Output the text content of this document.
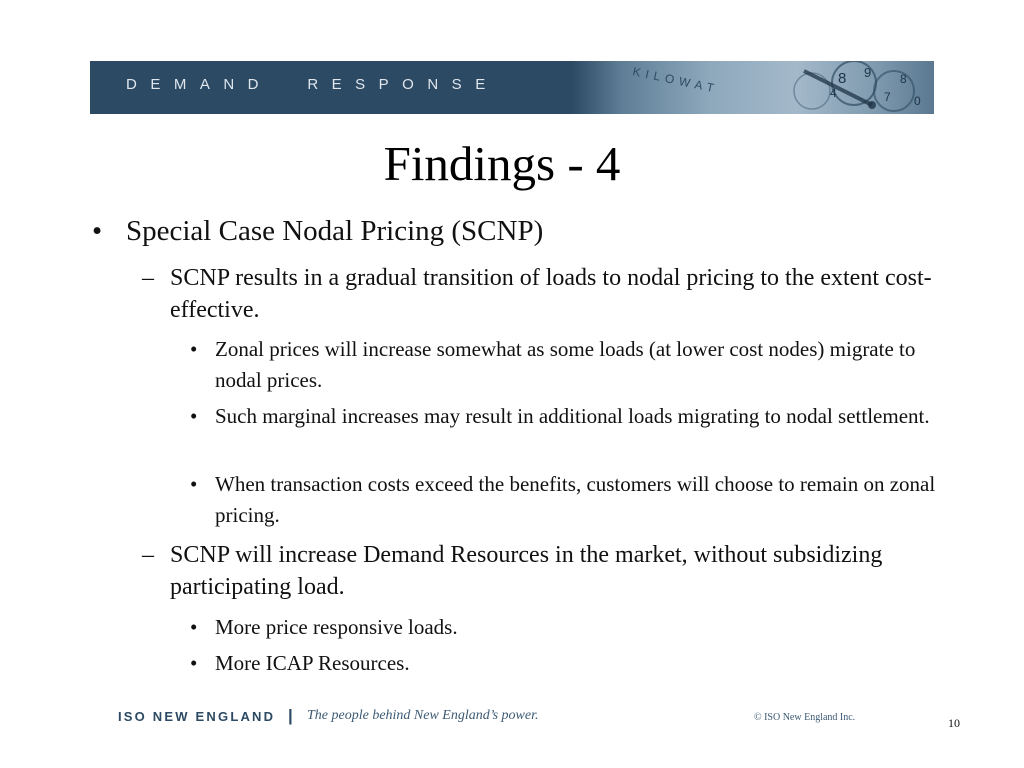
DEMAND  RESPONSE	KILOWAT	8 9
4	7
8
0
Findings - 4
• Special Case Nodal Pricing (SCNP)
– SCNP results in a gradual transition of loads to nodal pricing to the extent cost-effective.
• Zonal prices will increase somewhat as some loads (at lower cost nodes) migrate to nodal prices.
• Such marginal increases may result in additional loads migrating to nodal settlement.
• When transaction costs exceed the benefits, customers will choose to remain on zonal pricing.
– SCNP will increase Demand Resources in the market, without subsidizing participating load.
• More price responsive loads.
• More ICAP Resources.
ISO NEW ENGLAND | The people behind New England’s power.	© ISO New England Inc.	10
